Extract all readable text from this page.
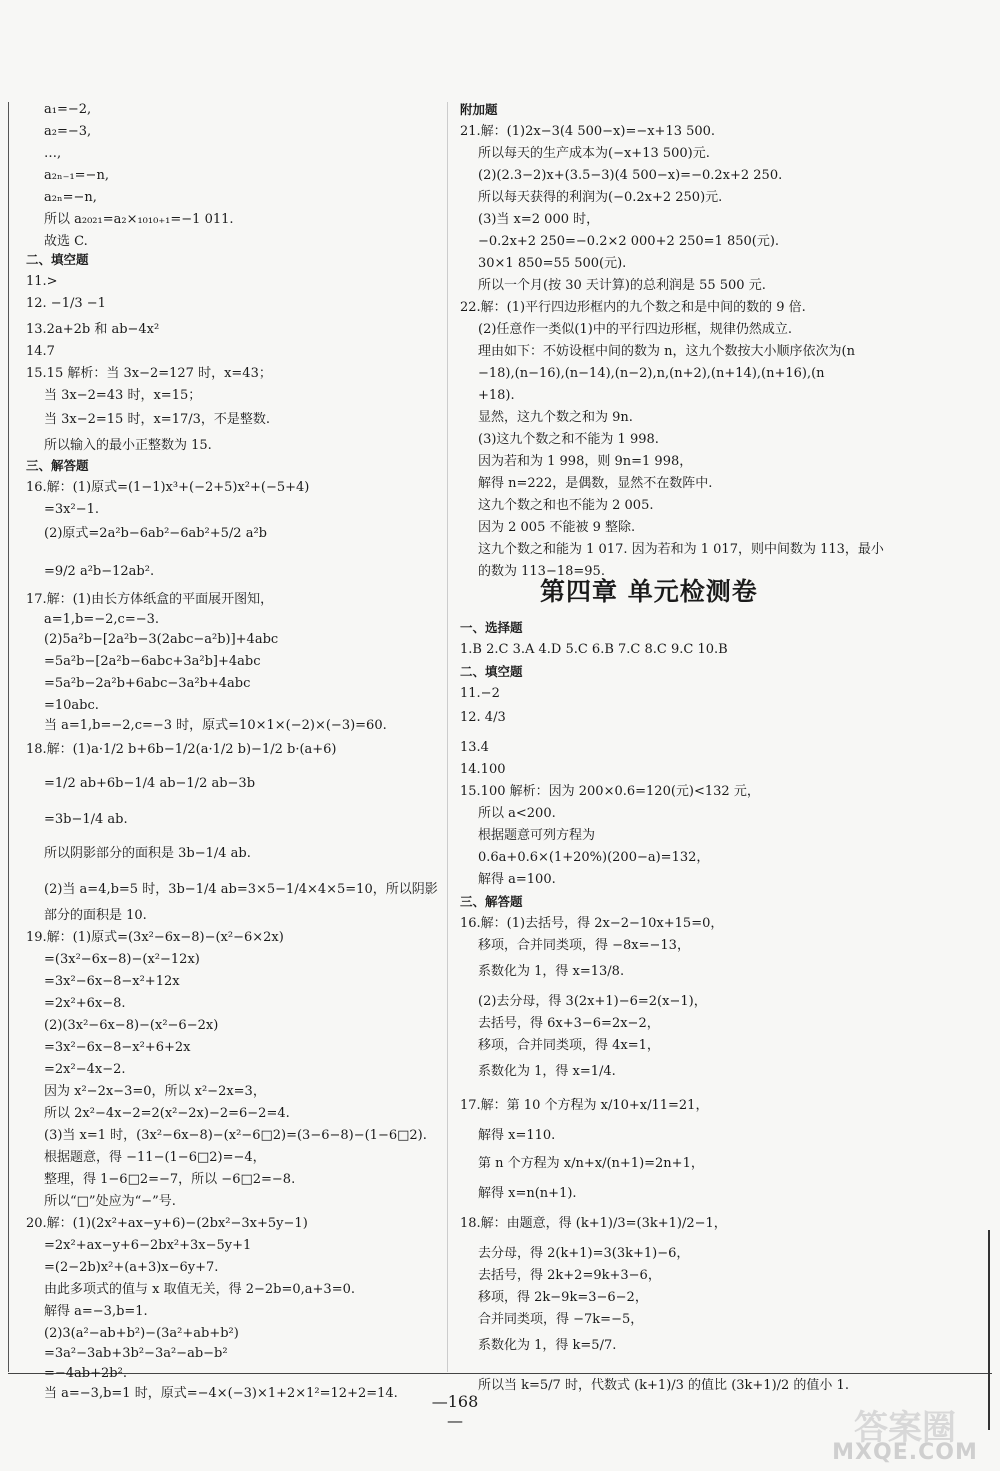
a₁=−2,
a₂=−3,
…,
a₂ₙ₋₁=−n,
a₂ₙ=−n,
所以 a₂₀₂₁=a₂×₁₀₁₀₊₁=−1 011.
故选 C.
二、填空题
11.>
12. −1/3 −1
13.2a+2b 和 ab−4x²
14.7
15.15 解析：当 3x−2=127 时，x=43；
当 3x−2=43 时，x=15；
当 3x−2=15 时，x=17/3，不是整数.
所以输入的最小正整数为 15.
三、解答题
16.解：(1)原式=(1−1)x³+(−2+5)x²+(−5+4)
=3x²−1.
(2)原式=2a²b−6ab²−6ab²+5/2 a²b
=9/2 a²b−12ab².
17.解：(1)由长方体纸盒的平面展开图知，
a=1,b=−2,c=−3.
(2)5a²b−[2a²b−3(2abc−a²b)]+4abc
=5a²b−[2a²b−6abc+3a²b]+4abc
=5a²b−2a²b+6abc−3a²b+4abc
=10abc.
当 a=1,b=−2,c=−3 时，原式=10×1×(−2)×(−3)=60.
18.解：(1)a·1/2 b+6b−1/2(a·1/2 b)−1/2 b·(a+6)
=1/2 ab+6b−1/4 ab−1/2 ab−3b
=3b−1/4 ab.
所以阴影部分的面积是 3b−1/4 ab.
(2)当 a=4,b=5 时，3b−1/4 ab=3×5−1/4×4×5=10，所以阴影
部分的面积是 10.
19.解：(1)原式=(3x²−6x−8)−(x²−6×2x)
=(3x²−6x−8)−(x²−12x)
=3x²−6x−8−x²+12x
=2x²+6x−8.
(2)(3x²−6x−8)−(x²−6−2x)
=3x²−6x−8−x²+6+2x
=2x²−4x−2.
因为 x²−2x−3=0，所以 x²−2x=3，
所以 2x²−4x−2=2(x²−2x)−2=6−2=4.
(3)当 x=1 时，(3x²−6x−8)−(x²−6□2)=(3−6−8)−(1−6□2).
根据题意，得 −11−(1−6□2)=−4，
整理，得 1−6□2=−7，所以 −6□2=−8.
所以“□”处应为“−”号.
20.解：(1)(2x²+ax−y+6)−(2bx²−3x+5y−1)
=2x²+ax−y+6−2bx²+3x−5y+1
=(2−2b)x²+(a+3)x−6y+7.
由此多项式的值与 x 取值无关，得 2−2b=0,a+3=0.
解得 a=−3,b=1.
(2)3(a²−ab+b²)−(3a²+ab+b²)
=3a²−3ab+3b²−3a²−ab−b²
=−4ab+2b².
当 a=−3,b=1 时，原式=−4×(−3)×1+2×1²=12+2=14.
附加题
21.解：(1)2x−3(4 500−x)=−x+13 500.
所以每天的生产成本为(−x+13 500)元.
(2)(2.3−2)x+(3.5−3)(4 500−x)=−0.2x+2 250.
所以每天获得的利润为(−0.2x+2 250)元.
(3)当 x=2 000 时，
−0.2x+2 250=−0.2×2 000+2 250=1 850(元).
30×1 850=55 500(元).
所以一个月(按 30 天计算)的总利润是 55 500 元.
22.解：(1)平行四边形框内的九个数之和是中间的数的 9 倍.
(2)任意作一类似(1)中的平行四边形框，规律仍然成立.
理由如下：不妨设框中间的数为 n，这九个数按大小顺序依次为(n
−18),(n−16),(n−14),(n−2),n,(n+2),(n+14),(n+16),(n
+18).
显然，这九个数之和为 9n.
(3)这九个数之和不能为 1 998.
因为若和为 1 998，则 9n=1 998，
解得 n=222，是偶数，显然不在数阵中.
这九个数之和也不能为 2 005.
因为 2 005 不能被 9 整除.
这九个数之和能为 1 017. 因为若和为 1 017，则中间数为 113，最小
的数为 113−18=95.
一、选择题
1.B 2.C 3.A 4.D 5.C 6.B 7.C 8.C 9.C 10.B
二、填空题
11.−2
12. 4/3
13.4
14.100
15.100 解析：因为 200×0.6=120(元)<132 元，
所以 a<200.
根据题意可列方程为
0.6a+0.6×(1+20%)(200−a)=132，
解得 a=100.
三、解答题
16.解：(1)去括号，得 2x−2−10x+15=0，
移项，合并同类项，得 −8x=−13，
系数化为 1，得 x=13/8.
(2)去分母，得 3(2x+1)−6=2(x−1)，
去括号，得 6x+3−6=2x−2，
移项，合并同类项，得 4x=1，
系数化为 1，得 x=1/4.
17.解：第 10 个方程为 x/10+x/11=21，
解得 x=110.
第 n 个方程为 x/n+x/(n+1)=2n+1，
解得 x=n(n+1).
18.解：由题意，得 (k+1)/3=(3k+1)/2−1，
去分母，得 2(k+1)=3(3k+1)−6，
去括号，得 2k+2=9k+3−6，
移项，得 2k−9k=3−6−2，
合并同类项，得 −7k=−5，
系数化为 1，得 k=5/7.
所以当 k=5/7 时，代数式 (k+1)/3 的值比 (3k+1)/2 的值小 1.
第四章 单元检测卷
—168—	答案圈
MXQE.COM
